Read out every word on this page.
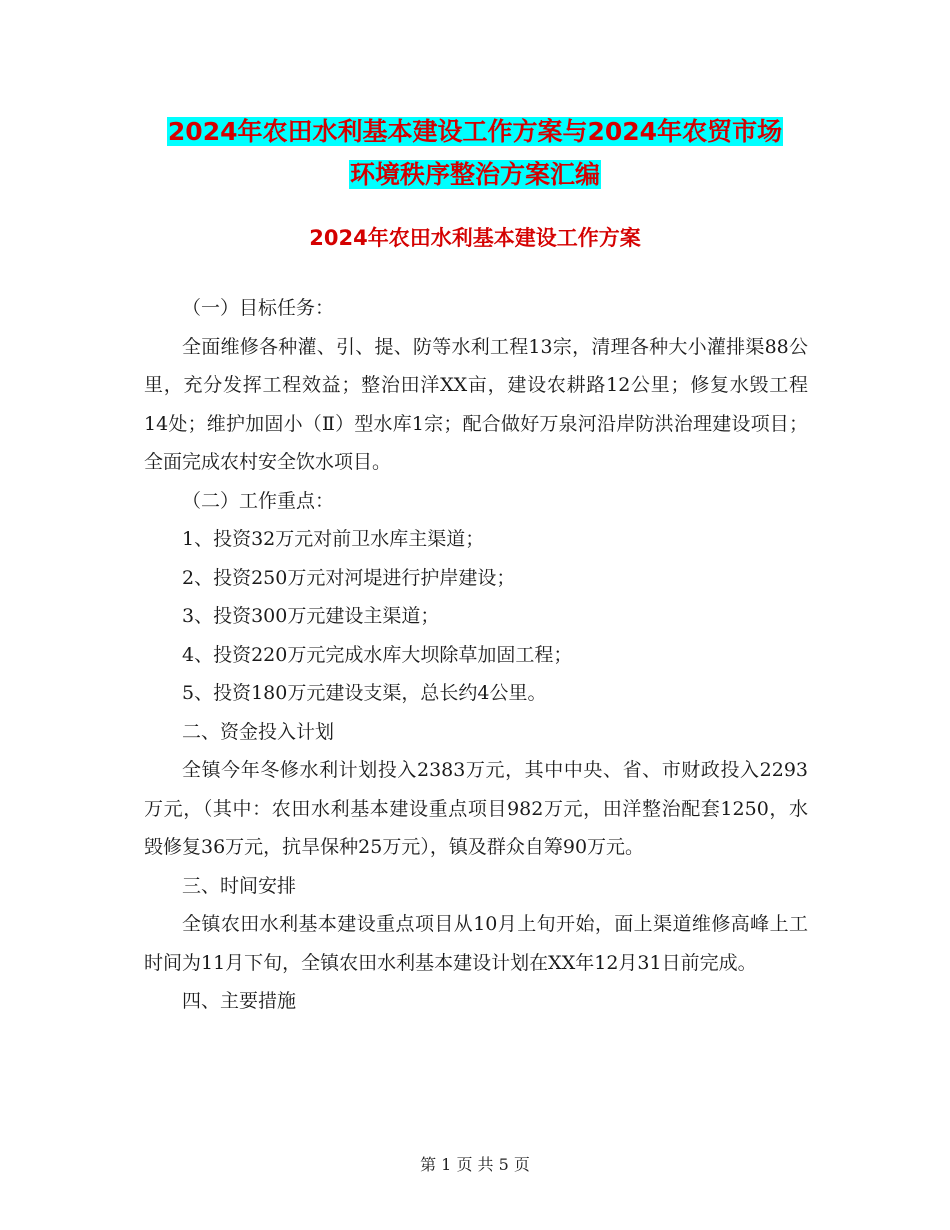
2024年农田水利基本建设工作方案与2024年农贸市场
环境秩序整治方案汇编
2024年农田水利基本建设工作方案

（一）目标任务：

全面维修各种灌、引、提、防等水利工程13宗，清理各种大小灌排渠88公里，充分发挥工程效益；整治田洋XX亩，建设农耕路12公里；修复水毁工程14处；维护加固小（Ⅱ）型水库1宗；配合做好万泉河沿岸防洪治理建设项目；全面完成农村安全饮水项目。

（二）工作重点：

1、投资32万元对前卫水库主渠道；

2、投资250万元对河堤进行护岸建设；

3、投资300万元建设主渠道；

4、投资220万元完成水库大坝除草加固工程；

5、投资180万元建设支渠，总长约4公里。

二、资金投入计划

全镇今年冬修水利计划投入2383万元，其中中央、省、市财政投入2293万元，（其中：农田水利基本建设重点项目982万元，田洋整治配套1250，水毁修复36万元，抗旱保种25万元），镇及群众自筹90万元。

三、时间安排

全镇农田水利基本建设重点项目从10月上旬开始，面上渠道维修高峰上工时间为11月下旬，全镇农田水利基本建设计划在XX年12月31日前完成。

四、主要措施

第 1 页 共 5 页
